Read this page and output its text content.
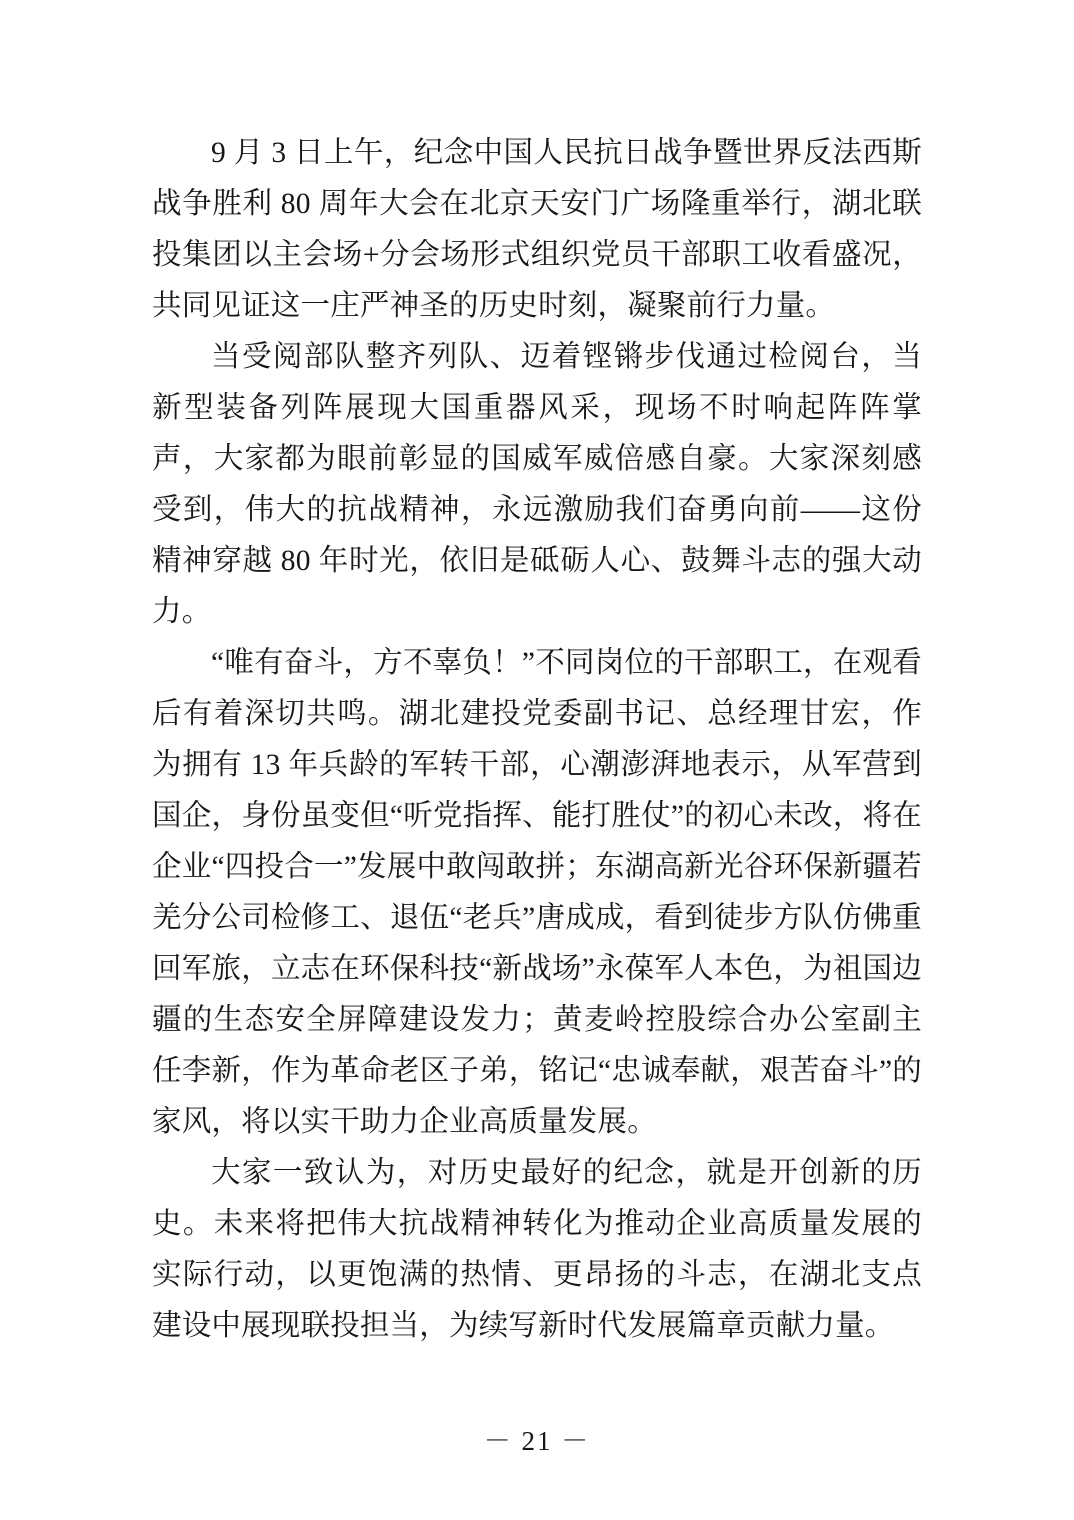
9 月 3 日上午，纪念中国人民抗日战争暨世界反法西斯战争胜利 80 周年大会在北京天安门广场隆重举行，湖北联投集团以主会场+分会场形式组织党员干部职工收看盛况，共同见证这一庄严神圣的历史时刻，凝聚前行力量。

当受阅部队整齐列队、迈着铿锵步伐通过检阅台，当新型装备列阵展现大国重器风采，现场不时响起阵阵掌声，大家都为眼前彰显的国威军威倍感自豪。大家深刻感受到，伟大的抗战精神，永远激励我们奋勇向前——这份精神穿越 80 年时光，依旧是砥砺人心、鼓舞斗志的强大动力。

“唯有奋斗，方不辜负！”不同岗位的干部职工，在观看后有着深切共鸣。湖北建投党委副书记、总经理甘宏，作为拥有 13 年兵龄的军转干部，心潮澎湃地表示，从军营到国企，身份虽变但“听党指挥、能打胜仗”的初心未改，将在企业“四投合一”发展中敢闯敢拼；东湖高新光谷环保新疆若羌分公司检修工、退伍“老兵”唐成成，看到徒步方队仿佛重回军旅，立志在环保科技“新战场”永葆军人本色，为祖国边疆的生态安全屏障建设发力；黄麦岭控股综合办公室副主任李新，作为革命老区子弟，铭记“忠诚奉献，艰苦奋斗”的家风，将以实干助力企业高质量发展。

大家一致认为，对历史最好的纪念，就是开创新的历史。未来将把伟大抗战精神转化为推动企业高质量发展的实际行动，以更饱满的热情、更昂扬的斗志，在湖北支点建设中展现联投担当，为续写新时代发展篇章贡献力量。

－ 21 －
